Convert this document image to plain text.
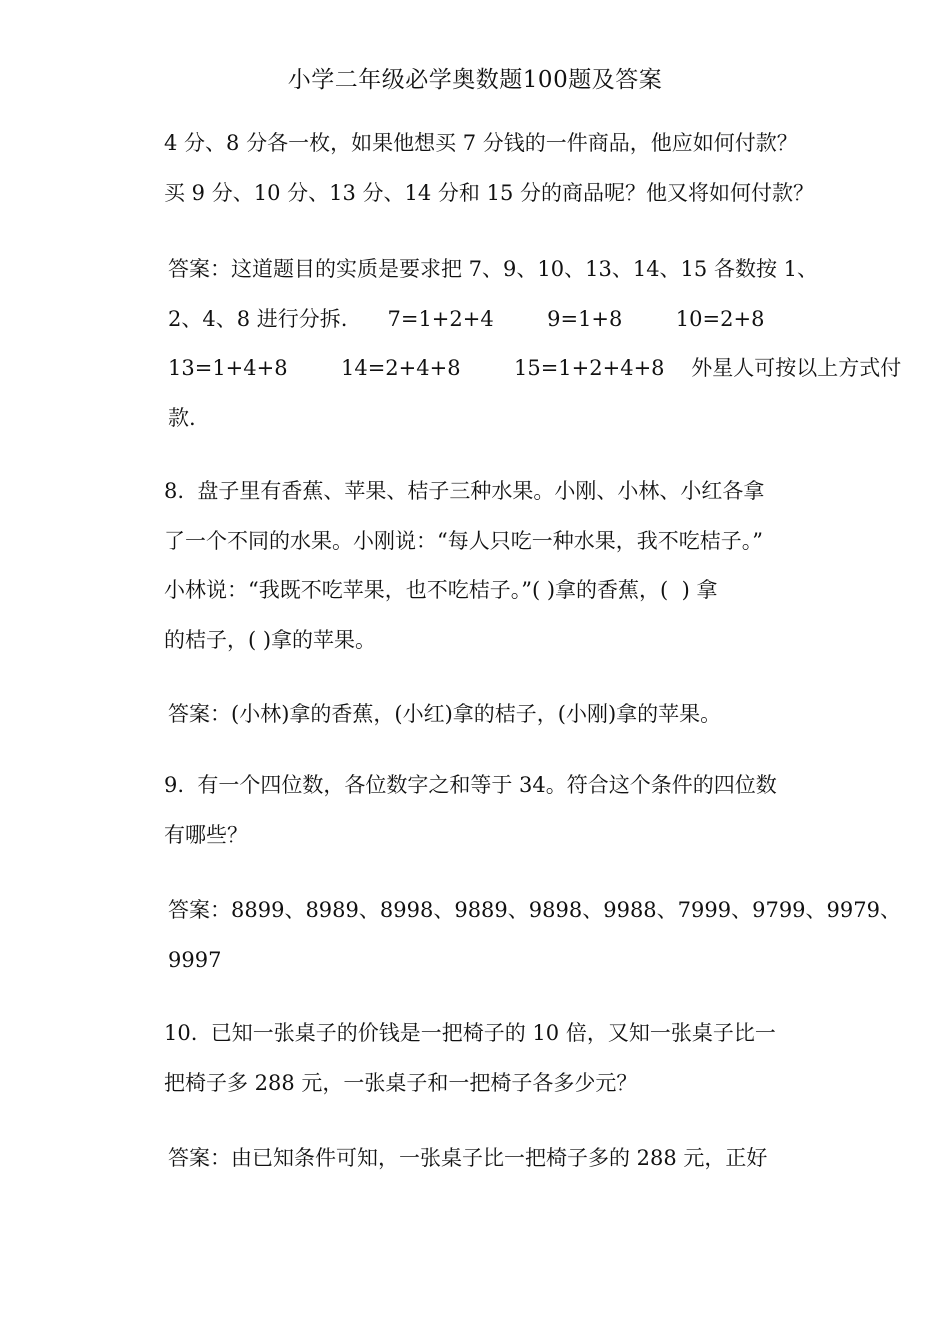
小学二年级必学奥数题100题及答案

4 分、8 分各一枚，如果他想买 7 分钱的一件商品，他应如何付款？

买 9 分、10 分、13 分、14 分和 15 分的商品呢？他又将如何付款？

答案：这道题目的实质是要求把 7、9、10、13、14、15 各数按 1、

2、4、8 进行分拆.      7=1+2+4        9=1+8        10=2+8

13=1+4+8        14=2+4+8        15=1+2+4+8    外星人可按以上方式付

款.

8.  盘子里有香蕉、苹果、桔子三种水果。小刚、小林、小红各拿

了一个不同的水果。小刚说：“每人只吃一种水果，我不吃桔子。”

小林说：“我既不吃苹果，也不吃桔子。”( )拿的香蕉，(  ) 拿

的桔子，( )拿的苹果。

答案：(小林)拿的香蕉，(小红)拿的桔子，(小刚)拿的苹果。

9.  有一个四位数，各位数字之和等于 34。符合这个条件的四位数

有哪些？

答案：8899、8989、8998、9889、9898、9988、7999、9799、9979、

9997

10.  已知一张桌子的价钱是一把椅子的 10 倍，又知一张桌子比一

把椅子多 288 元，一张桌子和一把椅子各多少元？

答案：由已知条件可知，一张桌子比一把椅子多的 288 元，正好
